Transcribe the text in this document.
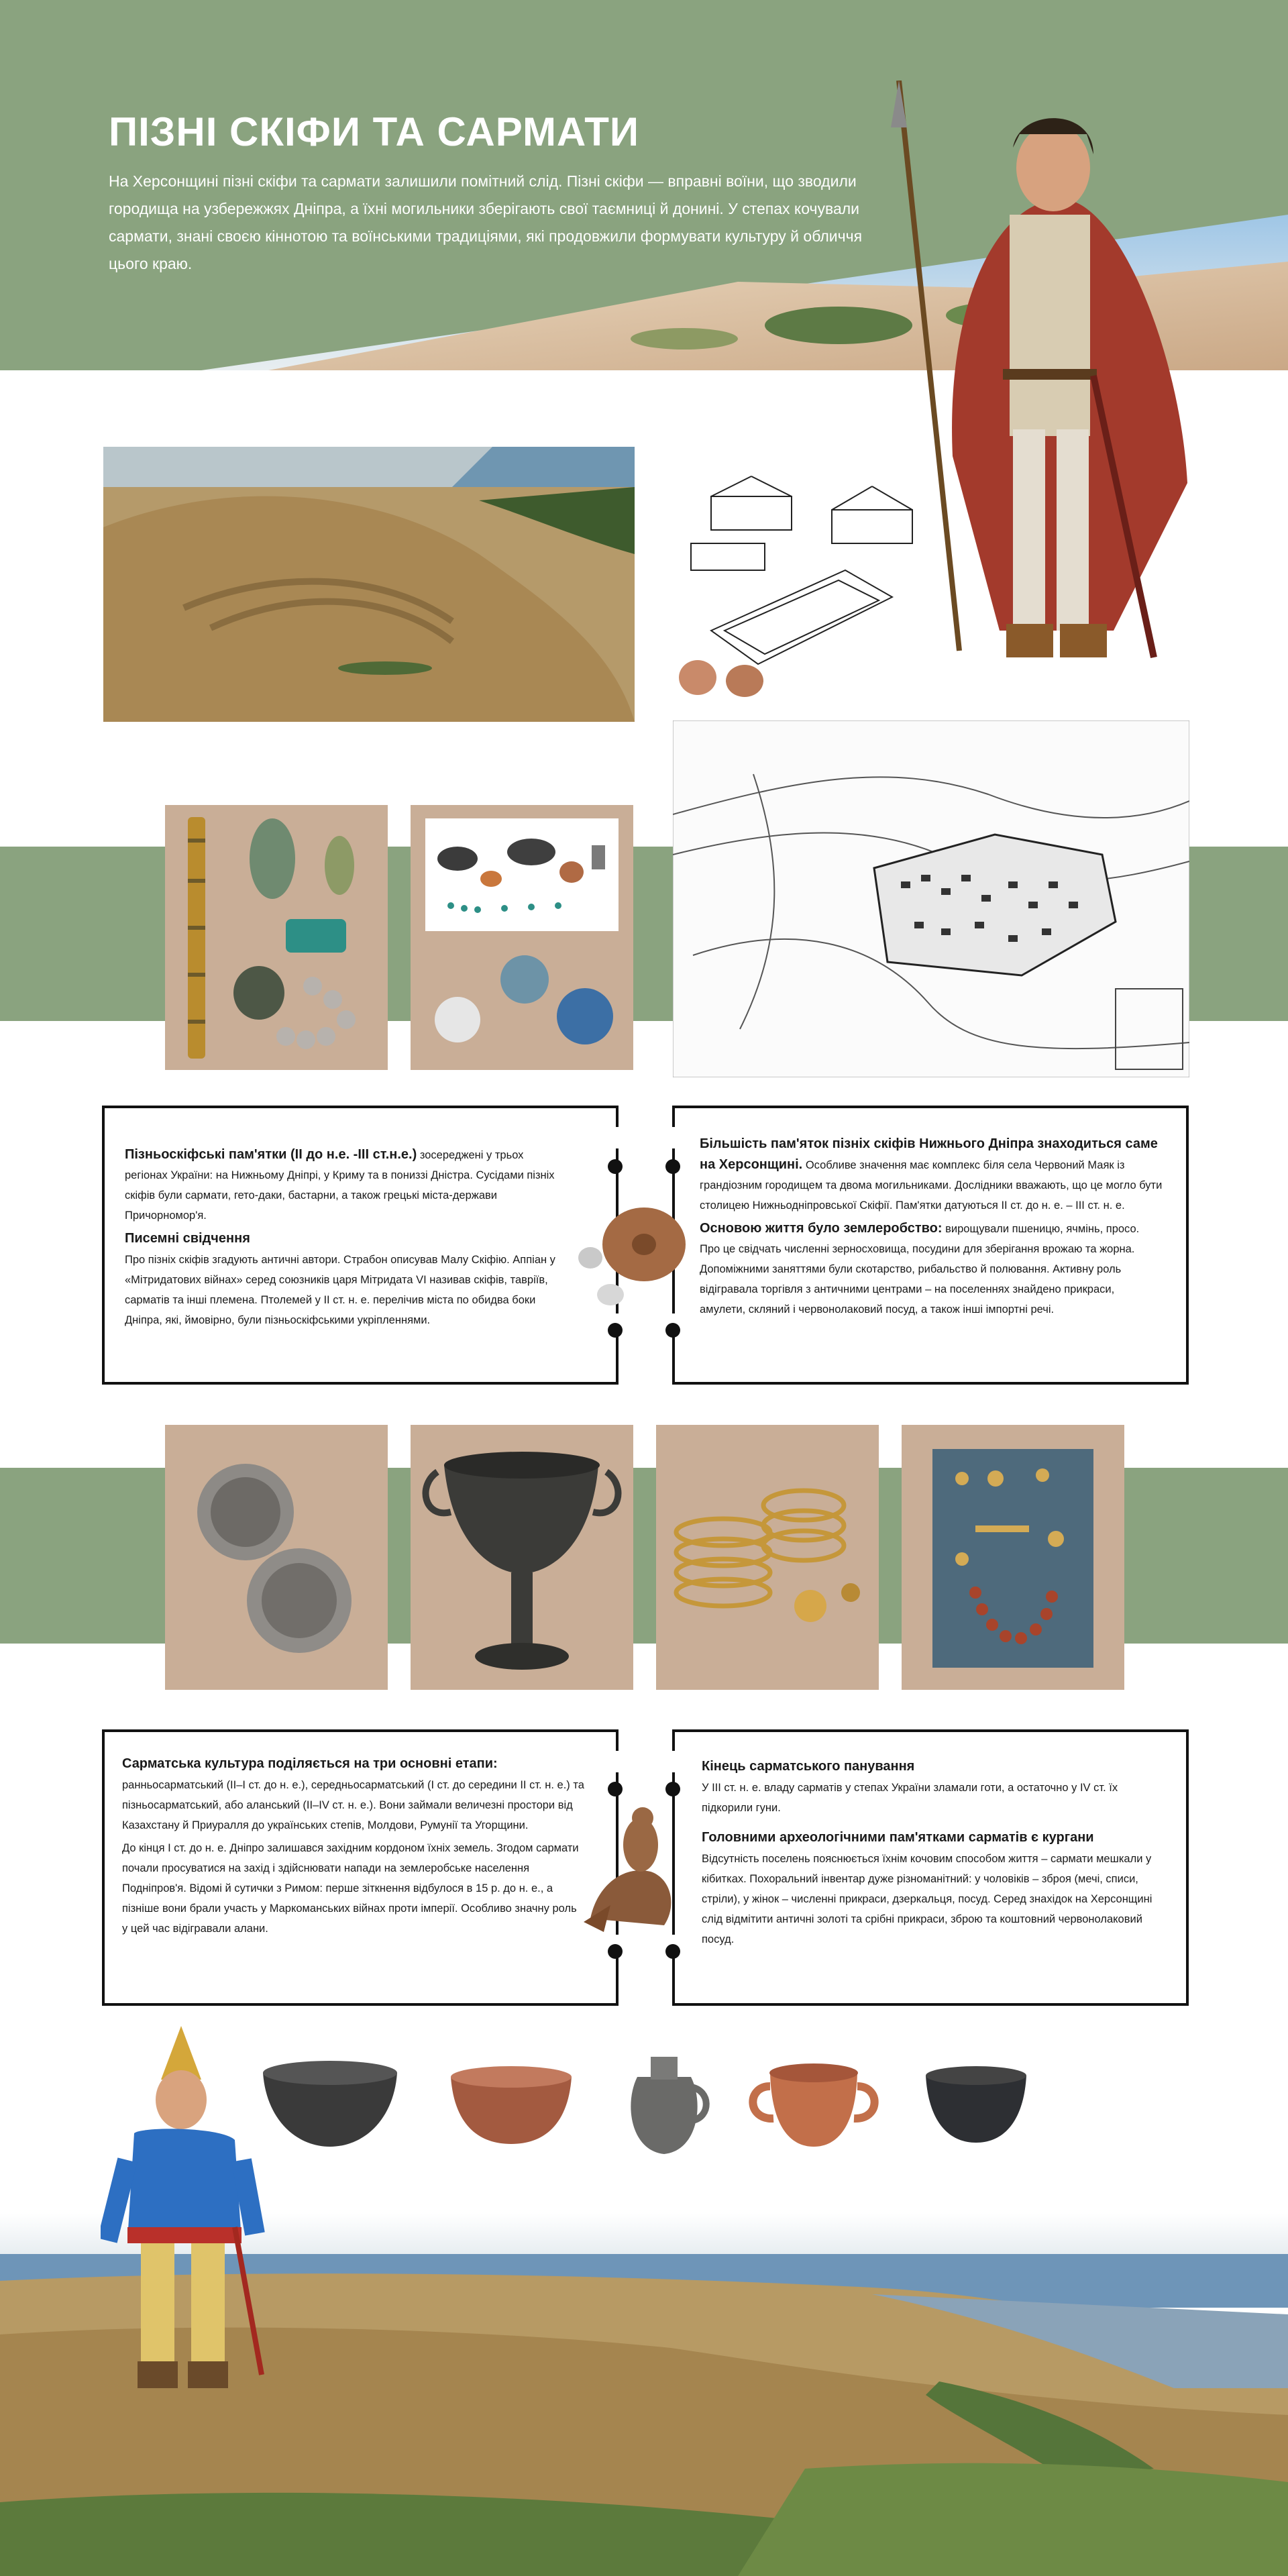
ПІЗНІ СКІФИ ТА САРМАТИ
На Херсонщині пізні скіфи та сармати залишили помітний слід. Пізні скіфи — вправні воїни, що зводили городища на узбережжях Дніпра, а їхні могильники зберігають свої таємниці й донині. У степах кочували сармати, знані своєю кіннотою та воїнськими традиціями, які продовжили формувати культуру й обличчя цього краю.

Пізньоскіфські пам'ятки (ІІ до н.е. -ІІІ ст.н.е.) зосереджені у трьох регіонах України: на Нижньому Дніпрі, у Криму та в пониззі Дністра. Сусідами пізніх скіфів були сармати, гето-даки, бастарни, а також грецькі міста-держави Причорномор'я.

Писемні свідчення

Про пізніх скіфів згадують античні автори. Страбон описував Малу Скіфію. Аппіан у «Мітридатових війнах» серед союзників царя Мітридата VI називав скіфів, тавріїв, сарматів та інші племена. Птолемей у ІІ ст. н. е. перелічив міста по обидва боки Дніпра, які, ймовірно, були пізньоскіфськими укріпленнями.

Більшість пам'яток пізніх скіфів Нижнього Дніпра знаходиться саме на Херсонщині. Особливе значення має комплекс біля села Червоний Маяк із грандіозним городищем та двома могильниками. Дослідники вважають, що це могло бути столицею Нижньодніпровської Скіфії. Пам'ятки датуються ІІ ст. до н. е. – ІІІ ст. н. е.

Основою життя було землеробство: вирощували пшеницю, ячмінь, просо. Про це свідчать численні зерносховища, посудини для зберігання врожаю та жорна. Допоміжними заняттями були скотарство, рибальство й полювання. Активну роль відігравала торгівля з античними центрами – на поселеннях знайдено прикраси, амулети, скляний і червонолаковий посуд, а також інші імпортні речі.

Сарматська культура поділяється на три основні етапи:

ранньосарматський (ІІ–І ст. до н. е.), середньосарматський (І ст. до середини ІІ ст. н. е.) та пізньосарматський, або аланський (ІІ–ІV ст. н. е.). Вони займали величезні простори від Казахстану й Приуралля до українських степів, Молдови, Румунії та Угорщини.

До кінця І ст. до н. е. Дніпро залишався західним кордоном їхніх земель. Згодом сармати почали просуватися на захід і здійснювати напади на землеробське населення Подніпров'я. Відомі й сутички з Римом: перше зіткнення відбулося в 15 р. до н. е., а пізніше вони брали участь у Маркоманських війнах проти імперії. Особливо значну роль у цей час відігравали алани.

Кінець сарматського панування

У ІІІ ст. н. е. владу сарматів у степах України зламали готи, а остаточно у ІV ст. їх підкорили гуни.

Головними археологічними пам'ятками сарматів є кургани

Відсутність поселень пояснюється їхнім кочовим способом життя – сармати мешкали у кібитках. Похоральний інвентар дуже різноманітний: у чоловіків – зброя (мечі, списи, стріли), у жінок – численні прикраси, дзеркальця, посуд. Серед знахідок на Херсонщині слід відмітити античні золоті та срібні прикраси, зброю та коштовний червонолаковий посуд.
